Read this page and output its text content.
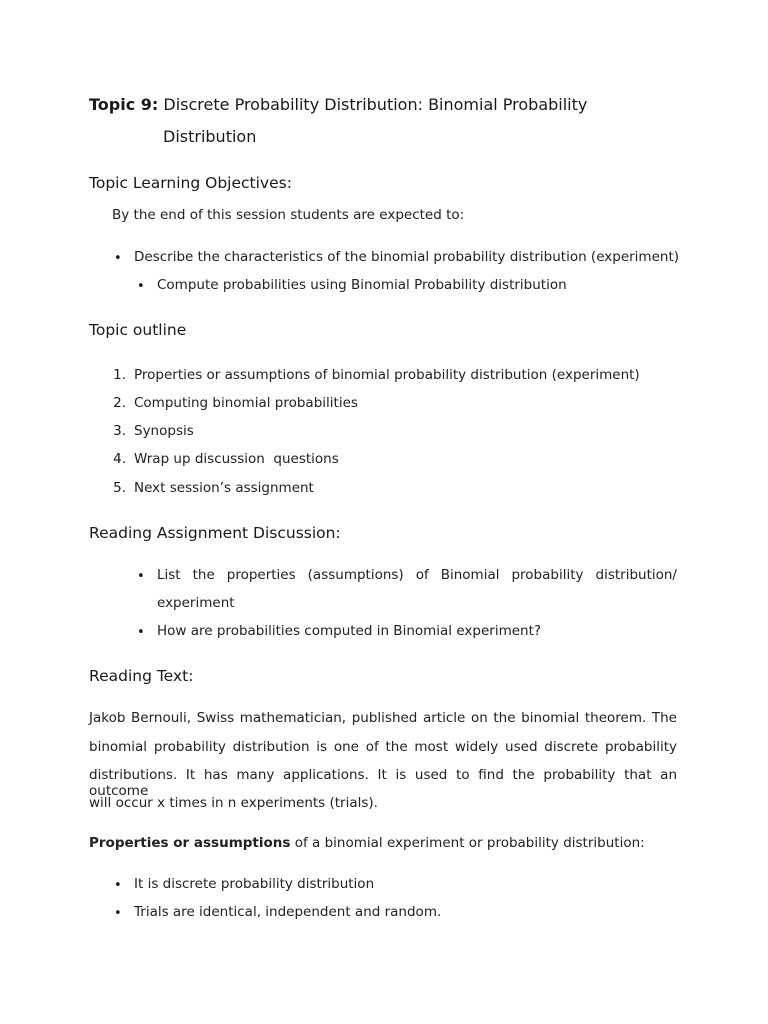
Topic 9: Discrete Probability Distribution: Binomial Probability
Distribution
Topic Learning Objectives:
By the end of this session students are expected to:
• Describe the characteristics of the binomial probability distribution (experiment)
• Compute probabilities using Binomial Probability distribution
Topic outline
1. Properties or assumptions of binomial probability distribution (experiment)
2. Computing binomial probabilities
3. Synopsis
4. Wrap up discussion  questions
5. Next session’s assignment
Reading Assignment Discussion:
• List the properties (assumptions) of Binomial probability distribution/
experiment
• How are probabilities computed in Binomial experiment?
Reading Text:
Jakob Bernouli, Swiss mathematician, published article on the binomial theorem. The
binomial probability distribution is one of the most widely used discrete probability
distributions. It has many applications. It is used to find the probability that an outcome
will occur x times in n experiments (trials).
Properties or assumptions of a binomial experiment or probability distribution:
• It is discrete probability distribution
• Trials are identical, independent and random.
